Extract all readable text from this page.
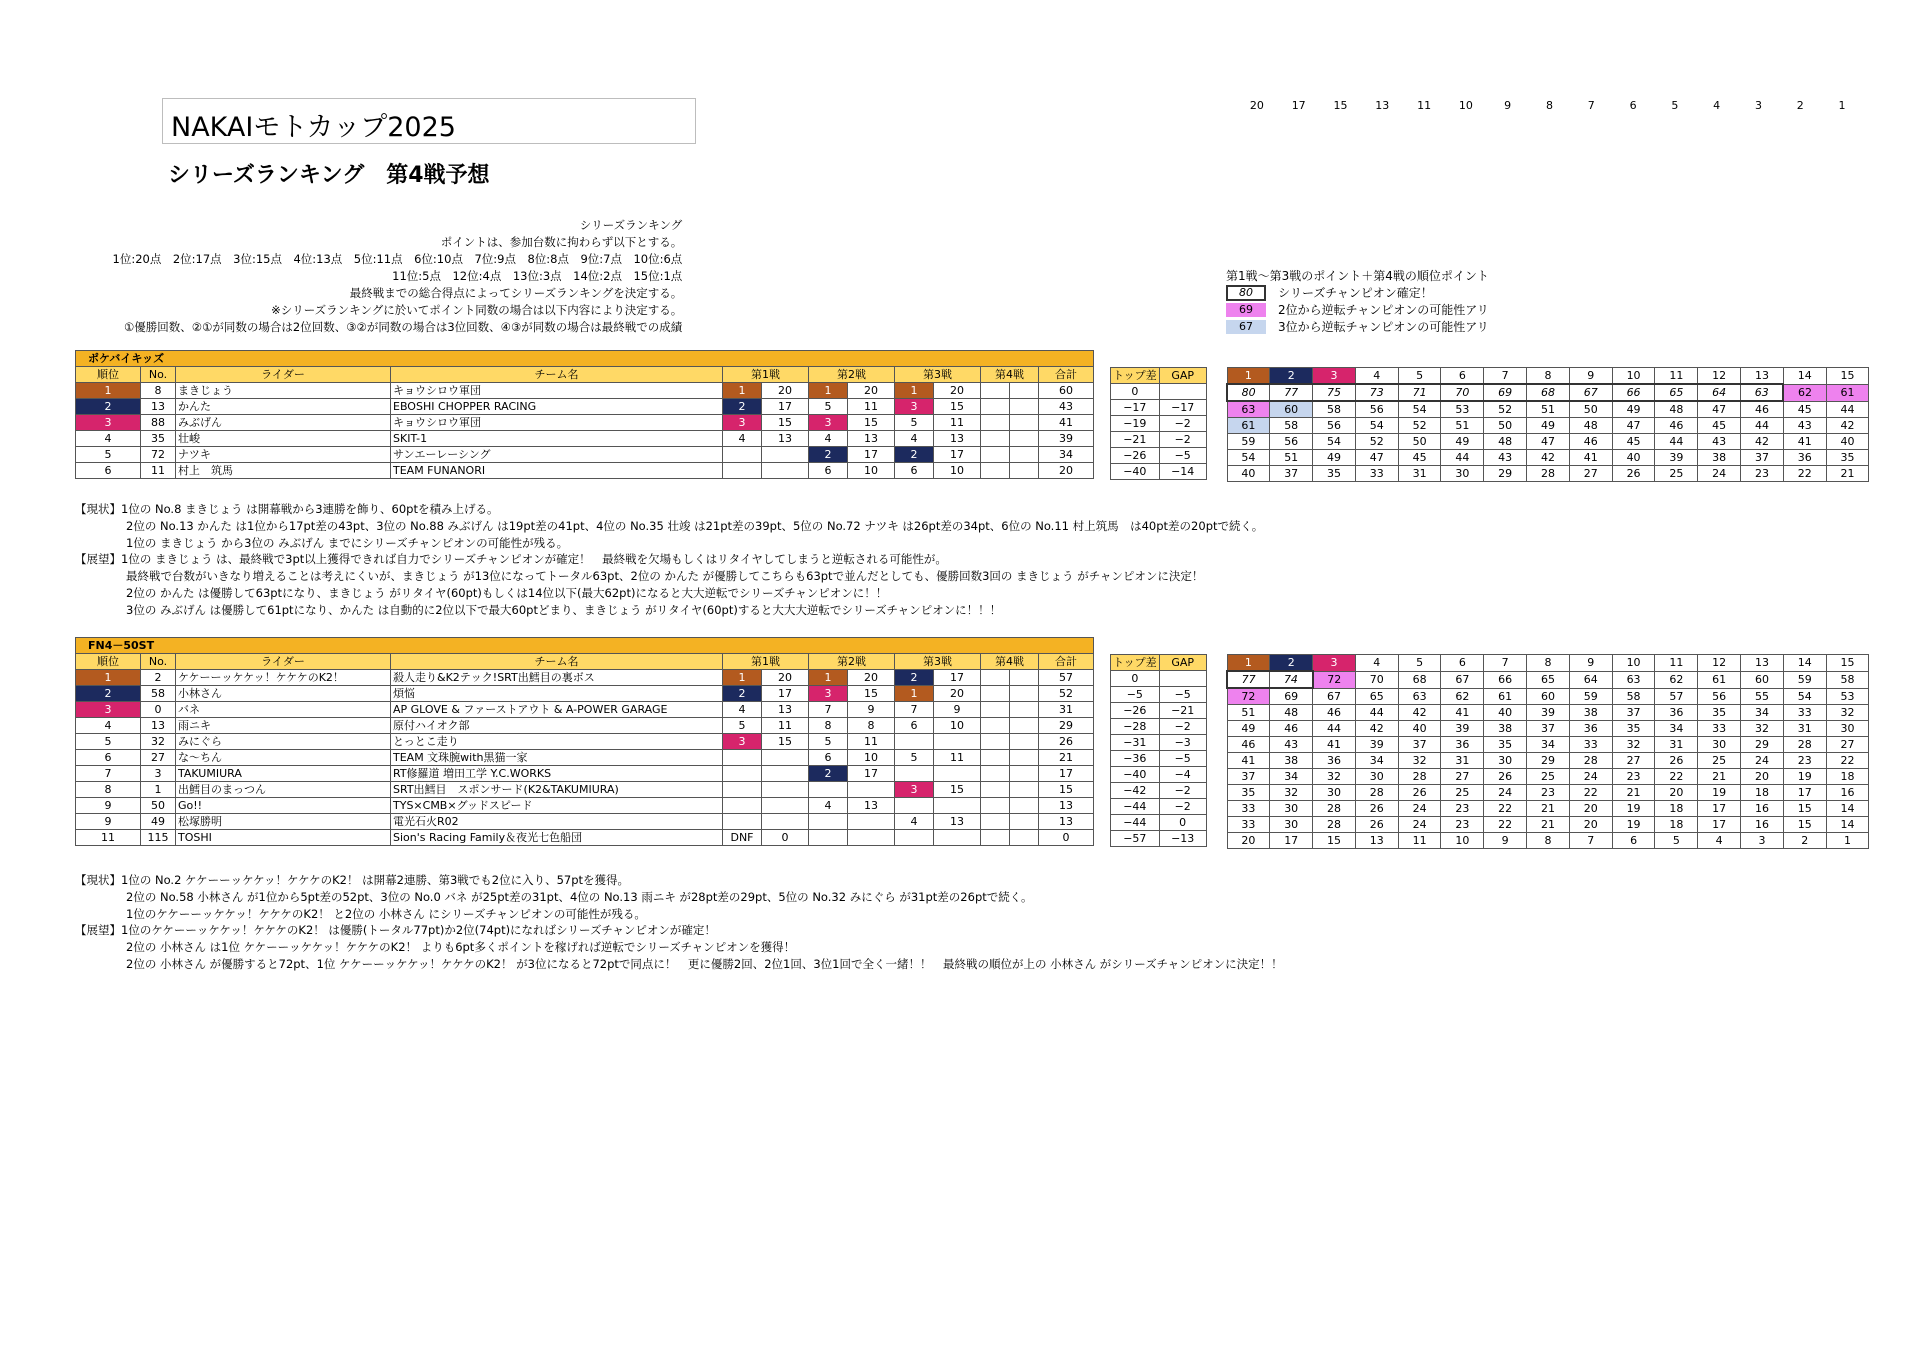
NAKAIモトカップ2025
シリーズランキング　第4戦予想
20	17	15	13	11	10	9	8	7	6	5	4	3	2	1
シリーズランキング
　ポイントは、参加台数に拘わらず以下とする。
　　　1位:20点　2位:17点　3位:15点　4位:13点　5位:11点　6位:10点　7位:9点　8位:8点　9位:7点　10位:6点
　　　11位:5点　12位:4点　13位:3点　14位:2点　15位:1点
　最終戦までの総合得点によってシリーズランキングを決定する。
　※シリーズランキングに於いてポイント同数の場合は以下内容により決定する。
　　①優勝回数、②①が同数の場合は2位回数、③②が同数の場合は3位回数、④③が同数の場合は最終戦での成績
第1戦～第3戦のポイント＋第4戦の順位ポイント
80	シリーズチャンピオン確定！
69	2位から逆転チャンピオンの可能性アリ
67	3位から逆転チャンピオンの可能性アリ
ポケバイキッズ												
順位	No.	ライダー	チーム名	第1戦		第2戦		第3戦		第4戦		合計
1	8	まきじょう	キョウシロウ軍団	1	20	1	20	1	20			60
2	13	かんた	EBOSHI CHOPPER RACING	2	17	5	11	3	15			43
3	88	みぶげん	キョウシロウ軍団	3	15	3	15	5	11			41
4	35	壮峻	SKIT-1	4	13	4	13	4	13			39
5	72	ナツキ	サンエーレーシング			2	17	2	17			34
6	11	村上　筑馬	TEAM FUNANORI			6	10	6	10			20
トップ差	GAP
0	
−17	−17
−19	−2
−21	−2
−26	−5
−40	−14
1	2	3	4	5	6	7	8	9	10	11	12	13	14	15
80	77	75	73	71	70	69	68	67	66	65	64	63	62	61
63	60	58	56	54	53	52	51	50	49	48	47	46	45	44
61	58	56	54	52	51	50	49	48	47	46	45	44	43	42
59	56	54	52	50	49	48	47	46	45	44	43	42	41	40
54	51	49	47	45	44	43	42	41	40	39	38	37	36	35
40	37	35	33	31	30	29	28	27	26	25	24	23	22	21
【現状】1位の No.8 まきじょう は開幕戦から3連勝を飾り、60ptを積み上げる。
2位の No.13 かんた は1位から17pt差の43pt、3位の No.88 みぶげん は19pt差の41pt、4位の No.35 壮竣 は21pt差の39pt、5位の No.72 ナツキ は26pt差の34pt、6位の No.11 村上筑馬　は40pt差の20ptで続く。
1位の まきじょう から3位の みぶげん までにシリーズチャンピオンの可能性が残る。
【展望】1位の まきじょう は、最終戦で3pt以上獲得できれば自力でシリーズチャンピオンが確定！　最終戦を欠場もしくはリタイヤしてしまうと逆転される可能性が。
最終戦で台数がいきなり増えることは考えにくいが、まきじょう が13位になってトータル63pt、2位の かんた が優勝してこちらも63ptで並んだとしても、優勝回数3回の まきじょう がチャンピオンに決定！
2位の かんた は優勝して63ptになり、まきじょう がリタイヤ(60pt)もしくは14位以下(最大62pt)になると大大逆転でシリーズチャンピオンに！！
3位の みぶげん は優勝して61ptになり、かんた は自動的に2位以下で最大60ptどまり、まきじょう がリタイヤ(60pt)すると大大大逆転でシリーズチャンピオンに！！！
FN4－50ST												
順位	No.	ライダー	チーム名	第1戦		第2戦		第3戦		第4戦		合計
1	2	ケケーーッケケッ！ケケケのK2！	殺人走り&K2テック!SRT出鱈目の裏ボス	1	20	1	20	2	17			57
2	58	小林さん	煩悩	2	17	3	15	1	20			52
3	0	バネ	AP GLOVE & ファーストアウト & A-POWER GARAGE	4	13	7	9	7	9			31
4	13	雨ニキ	原付ハイオク部	5	11	8	8	6	10			29
5	32	みにぐら	とっとこ走り	3	15	5	11					26
6	27	な～ちん	TEAM 文珠腕with黒猫一家			6	10	5	11			21
7	3	TAKUMIURA	RT修羅道 増田工学 Y.C.WORKS			2	17					17
8	1	出鱈目のまっつん	SRT出鱈目　スポンサード(K2&TAKUMIURA)					3	15			15
9	50	Go!!	TYS×CMB×グッドスピード			4	13					13
9	49	松塚勝明	電光石火R02					4	13			13
11	115	TOSHI	Sion's Racing Family＆夜光七色船団	DNF	0							0
トップ差	GAP
0	
−5	−5
−26	−21
−28	−2
−31	−3
−36	−5
−40	−4
−42	−2
−44	−2
−44	0
−57	−13
1	2	3	4	5	6	7	8	9	10	11	12	13	14	15
77	74	72	70	68	67	66	65	64	63	62	61	60	59	58
72	69	67	65	63	62	61	60	59	58	57	56	55	54	53
51	48	46	44	42	41	40	39	38	37	36	35	34	33	32
49	46	44	42	40	39	38	37	36	35	34	33	32	31	30
46	43	41	39	37	36	35	34	33	32	31	30	29	28	27
41	38	36	34	32	31	30	29	28	27	26	25	24	23	22
37	34	32	30	28	27	26	25	24	23	22	21	20	19	18
35	32	30	28	26	25	24	23	22	21	20	19	18	17	16
33	30	28	26	24	23	22	21	20	19	18	17	16	15	14
33	30	28	26	24	23	22	21	20	19	18	17	16	15	14
20	17	15	13	11	10	9	8	7	6	5	4	3	2	1
【現状】1位の No.2 ケケーーッケケッ！ケケケのK2！ は開幕2連勝、第3戦でも2位に入り、57ptを獲得。
2位の No.58 小林さん が1位から5pt差の52pt、3位の No.0 バネ が25pt差の31pt、4位の No.13 雨ニキ が28pt差の29pt、5位の No.32 みにぐら が31pt差の26ptで続く。
1位のケケーーッケケッ！ケケケのK2！ と2位の 小林さん にシリーズチャンピオンの可能性が残る。
【展望】1位のケケーーッケケッ！ケケケのK2！ は優勝(トータル77pt)か2位(74pt)になればシリーズチャンピオンが確定！
2位の 小林さん は1位 ケケーーッケケッ！ケケケのK2！ よりも6pt多くポイントを稼げれば逆転でシリーズチャンピオンを獲得！
2位の 小林さん が優勝すると72pt、1位 ケケーーッケケッ！ケケケのK2！ が3位になると72ptで同点に！　更に優勝2回、2位1回、3位1回で全く一緒！！　最終戦の順位が上の 小林さん がシリーズチャンピオンに決定！！
